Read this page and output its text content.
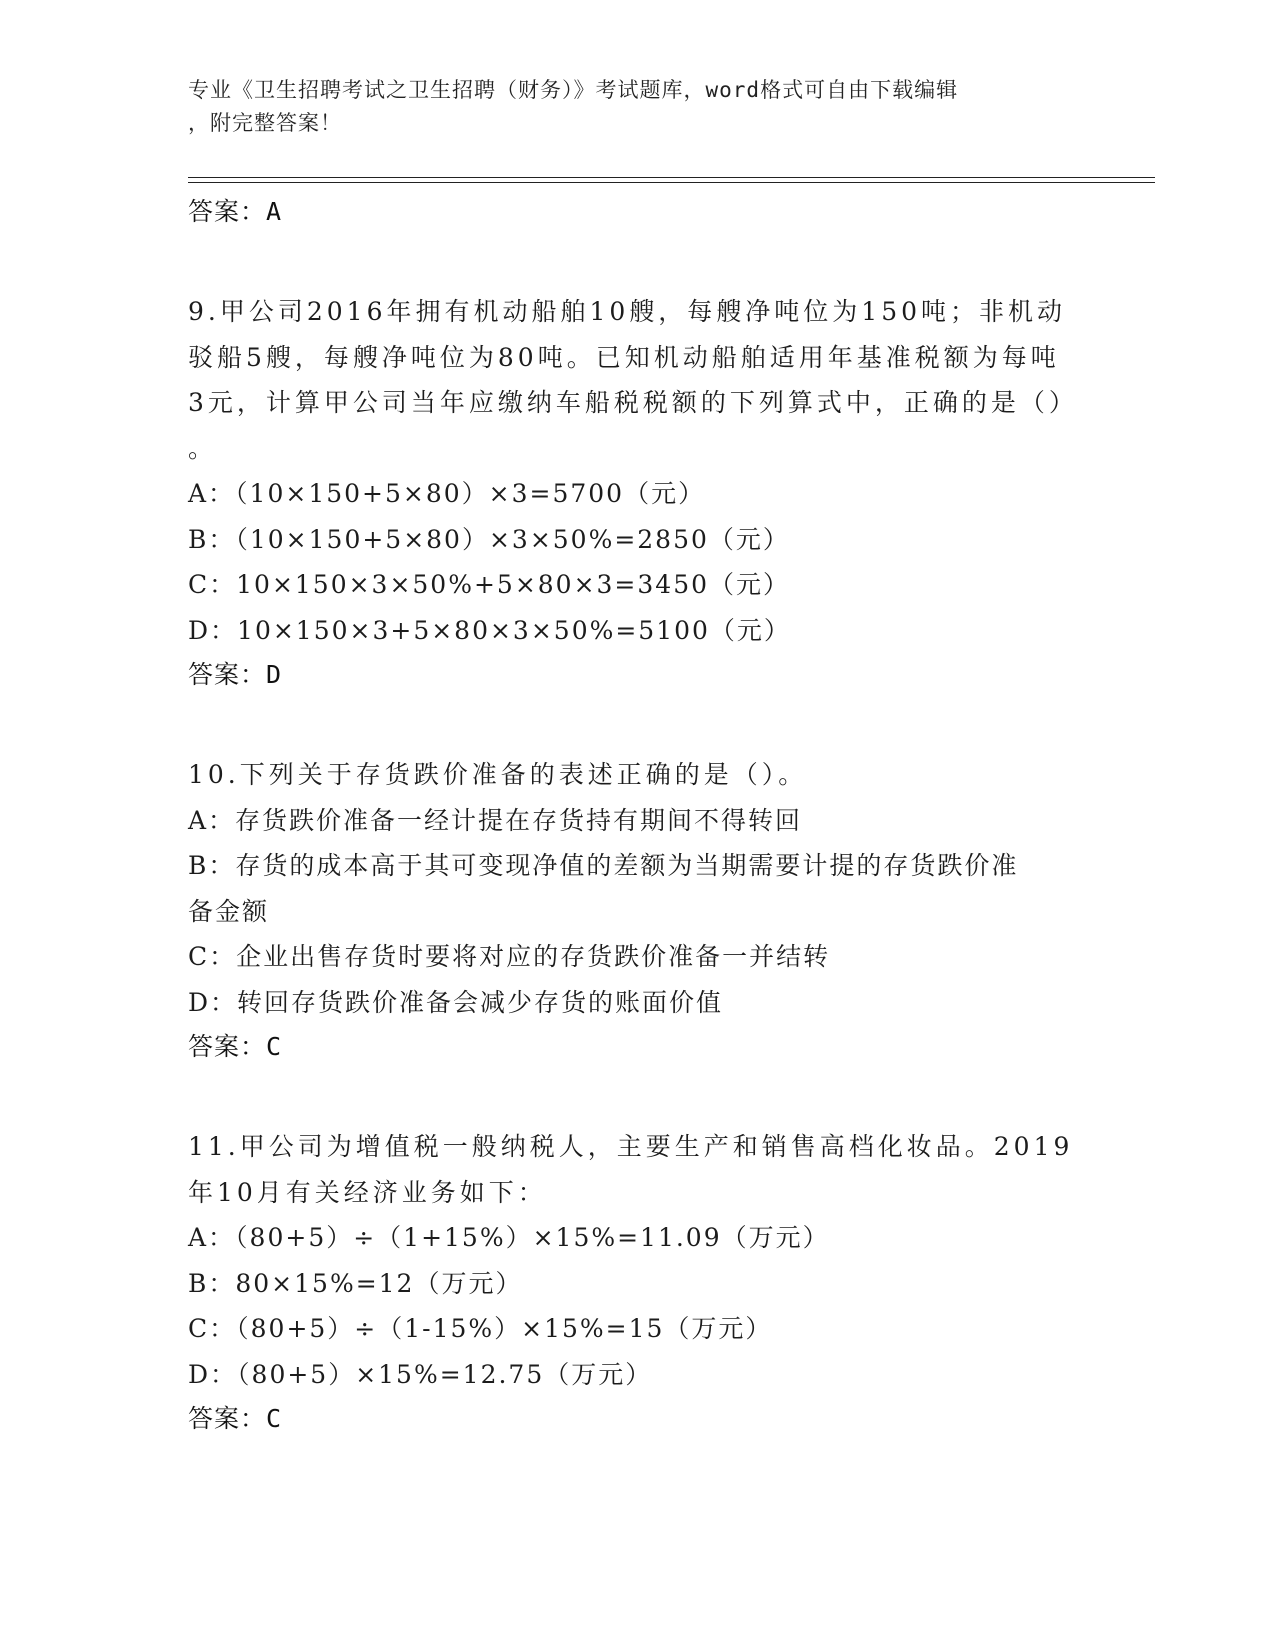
专业《卫生招聘考试之卫生招聘（财务）》考试题库，word格式可自由下载编辑
，附完整答案！
答案：A
9.甲公司2016年拥有机动船舶10艘，每艘净吨位为150吨；非机动
驳船5艘，每艘净吨位为80吨。已知机动船舶适用年基准税额为每吨
3元，计算甲公司当年应缴纳车船税税额的下列算式中，正确的是（）
。
A：（10×150+5×80）×3=5700（元）
B：（10×150+5×80）×3×50%=2850（元）
C：10×150×3×50%+5×80×3=3450（元）
D：10×150×3+5×80×3×50%=5100（元）
答案：D
10.下列关于存货跌价准备的表述正确的是（）。
A：存货跌价准备一经计提在存货持有期间不得转回
B：存货的成本高于其可变现净值的差额为当期需要计提的存货跌价准
备金额
C：企业出售存货时要将对应的存货跌价准备一并结转
D：转回存货跌价准备会减少存货的账面价值
答案：C
11.甲公司为增值税一般纳税人，主要生产和销售高档化妆品。2019
年10月有关经济业务如下：
A：（80+5）÷（1+15%）×15%=11.09（万元）
B：80×15%=12（万元）
C：（80+5）÷（1-15%）×15%=15（万元）
D：（80+5）×15%=12.75（万元）
答案：C
